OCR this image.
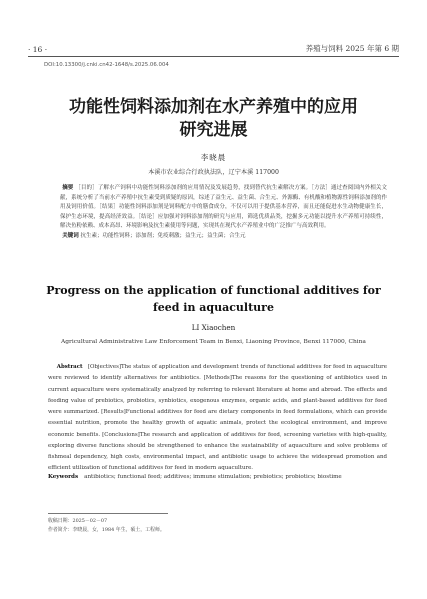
· 16 ·	养殖与饲料 2025 年第 6 期
DOI:10.13300/j.cnki.cn42-1648/s.2025.06.004
功能性饲料添加剂在水产养殖中的应用
研究进展
李晓晨
本溪市农业综合行政执法队，辽宁本溪 117000

摘要 ［目的］了解水产饲料中功能性饲料添加剂的应用情况及发展趋势，找到替代抗生素解决方案。［方法］通过查阅国内外相关文献，系统分析了当前水产养殖中抗生素受到质疑的原因，综述了益生元、益生菌、合生元、外源酶、有机酸和植物源性饲料添加剂的作用及饲用价值。［结果］功能性饲料添加剂是饲料配方中的膳食成分，不仅可以用于提供基本营养，而且还能促进水生动物健康生长，保护生态环境，提高经济效益。［结论］应加强对饲料添加剂的研究与应用，筛选优质品类，挖掘多元功能以提升水产养殖可持续性，解决鱼粉依赖、成本高昂、环境影响及抗生素使用等问题，实现其在现代水产养殖业中的广泛推广与高效利用。

关键词 抗生素；功能性饲料；添加剂；免疫刺激；益生元；益生菌；合生元

Progress on the application of functional additives for
feed in aquaculture
LI Xiaochen
Agricultural Administrative Law Enforcement Team in Benxi, Liaoning Province, Benxi 117000, China

Abstract [Objectives]The status of application and development trends of functional additives for feed in aquaculture were reviewed to identify alternatives for antibiotics. [Methods]The reasons for the questioning of antibiotics used in current aquaculture were systematically analyzed by referring to relevant literature at home and abroad. The effects and feeding value of prebiotics, probiotics, synbiotics, exogenous enzymes, organic acids, and plant-based additives for feed were summarized. [Results]Functional additives for feed are dietary components in feed formulations, which can provide essential nutrition, promote the healthy growth of aquatic animals, protect the ecological environment, and improve economic benefits. [Conclusions]The research and application of additives for feed, screening varieties with high-quality, exploring diverse functions should be strengthened to enhance the sustainability of aquaculture and solve problems of fishmeal dependency, high costs, environmental impact, and antibiotic usage to achieve the widespread promotion and efficient utilization of functional additives for feed in modern aquaculture.

Keywords antibiotics; functional feed; additives; immune stimulation; prebiotics; probiotics; biostime
收稿日期：2025－02－07
作者简介：李晓晨，女，1984 年生，硕士，工程师。
